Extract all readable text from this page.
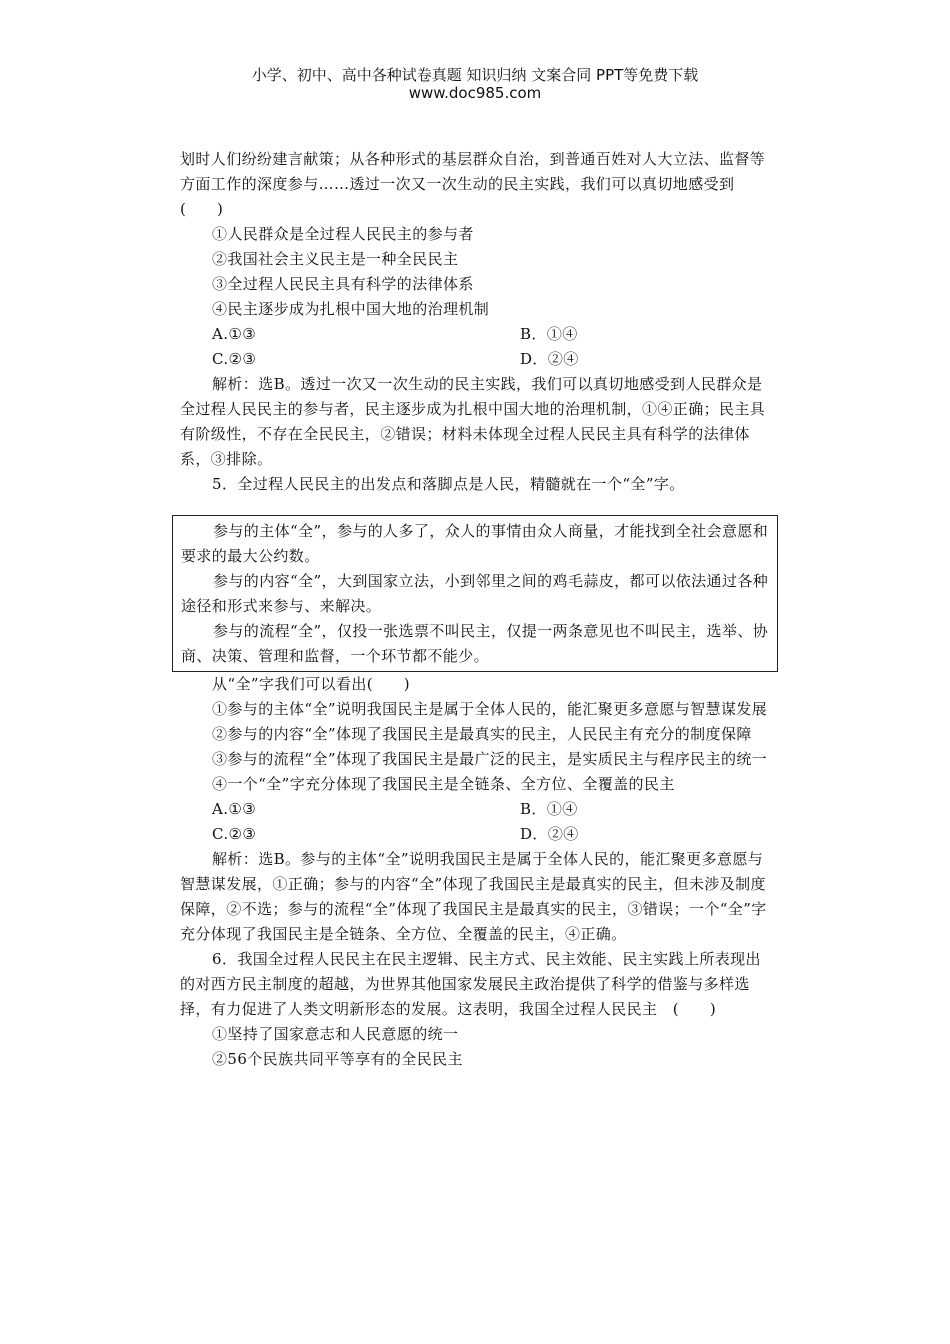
小学、初中、高中各种试卷真题 知识归纳 文案合同 PPT等免费下载
www.doc985.com

划时人们纷纷建言献策；从各种形式的基层群众自治，到普通百姓对人大立法、监督等方面工作的深度参与……透过一次又一次生动的民主实践，我们可以真切地感受到(　　)

①人民群众是全过程人民民主的参与者

②我国社会主义民主是一种全民民主

③全过程人民民主具有科学的法律体系

④民主逐步成为扎根中国大地的治理机制

A.①③	B．①④
C.②③	D．②④

解析：选B。透过一次又一次生动的民主实践，我们可以真切地感受到人民群众是全过程人民民主的参与者，民主逐步成为扎根中国大地的治理机制，①④正确；民主具有阶级性，不存在全民民主，②错误；材料未体现全过程人民民主具有科学的法律体系，③排除。

5．全过程人民民主的出发点和落脚点是人民，精髓就在一个“全”字。

参与的主体“全”，参与的人多了，众人的事情由众人商量，才能找到全社会意愿和要求的最大公约数。

参与的内容“全”，大到国家立法，小到邻里之间的鸡毛蒜皮，都可以依法通过各种途径和形式来参与、来解决。

参与的流程“全”，仅投一张选票不叫民主，仅提一两条意见也不叫民主，选举、协商、决策、管理和监督，一个环节都不能少。

从“全”字我们可以看出(　　)

①参与的主体“全”说明我国民主是属于全体人民的，能汇聚更多意愿与智慧谋发展

②参与的内容“全”体现了我国民主是最真实的民主，人民民主有充分的制度保障

③参与的流程“全”体现了我国民主是最广泛的民主，是实质民主与程序民主的统一

④一个“全”字充分体现了我国民主是全链条、全方位、全覆盖的民主

A.①③	B．①④
C.②③	D．②④

解析：选B。参与的主体“全”说明我国民主是属于全体人民的，能汇聚更多意愿与智慧谋发展，①正确；参与的内容“全”体现了我国民主是最真实的民主，但未涉及制度保障，②不选；参与的流程“全”体现了我国民主是最真实的民主，③错误；一个“全”字充分体现了我国民主是全链条、全方位、全覆盖的民主，④正确。

6．我国全过程人民民主在民主逻辑、民主方式、民主效能、民主实践上所表现出的对西方民主制度的超越，为世界其他国家发展民主政治提供了科学的借鉴与多样选择，有力促进了人类文明新形态的发展。这表明，我国全过程人民民主　(　　)

①坚持了国家意志和人民意愿的统一

②56个民族共同平等享有的全民民主
